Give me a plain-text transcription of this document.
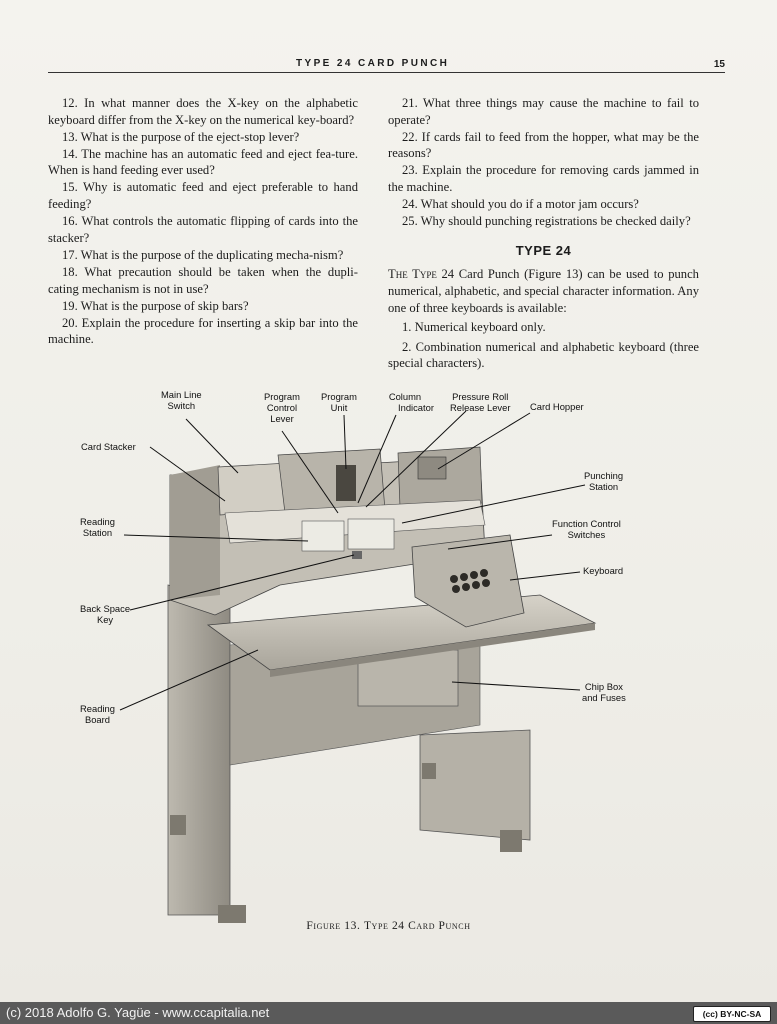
TYPE 24 CARD PUNCH	15

12. In what manner does the X-key on the alphabetic keyboard differ from the X-key on the numerical key-board?

13. What is the purpose of the eject-stop lever?

14. The machine has an automatic feed and eject fea-ture. When is hand feeding ever used?

15. Why is automatic feed and eject preferable to hand feeding?

16. What controls the automatic flipping of cards into the stacker?

17. What is the purpose of the duplicating mecha-nism?

18. What precaution should be taken when the dupli-cating mechanism is not in use?

19. What is the purpose of skip bars?

20. Explain the procedure for inserting a skip bar into the machine.

21. What three things may cause the machine to fail to operate?

22. If cards fail to feed from the hopper, what may be the reasons?

23. Explain the procedure for removing cards jammed in the machine.

24. What should you do if a motor jam occurs?

25. Why should punching registrations be checked daily?

TYPE 24

The Type 24 Card Punch (Figure 13) can be used to punch numerical, alphabetic, and special character information. Any one of three keyboards is available:

1. Numerical keyboard only.

2. Combination numerical and alphabetic keyboard (three special characters).

Main Line
Switch
Program
Control
Lever
Program
Unit
Column
Indicator
Pressure Roll
Release Lever Card Hopper
Card Stacker
Punching
Station
Reading
Station
Function Control
Switches
Keyboard
Back Space
Key
Chip Box
and Fuses
Reading
Board
Figure 13. Type 24 Card Punch
(c) 2018 Adolfo G. Yagüe - www.ccapitalia.net	(cc) BY-NC-SA
